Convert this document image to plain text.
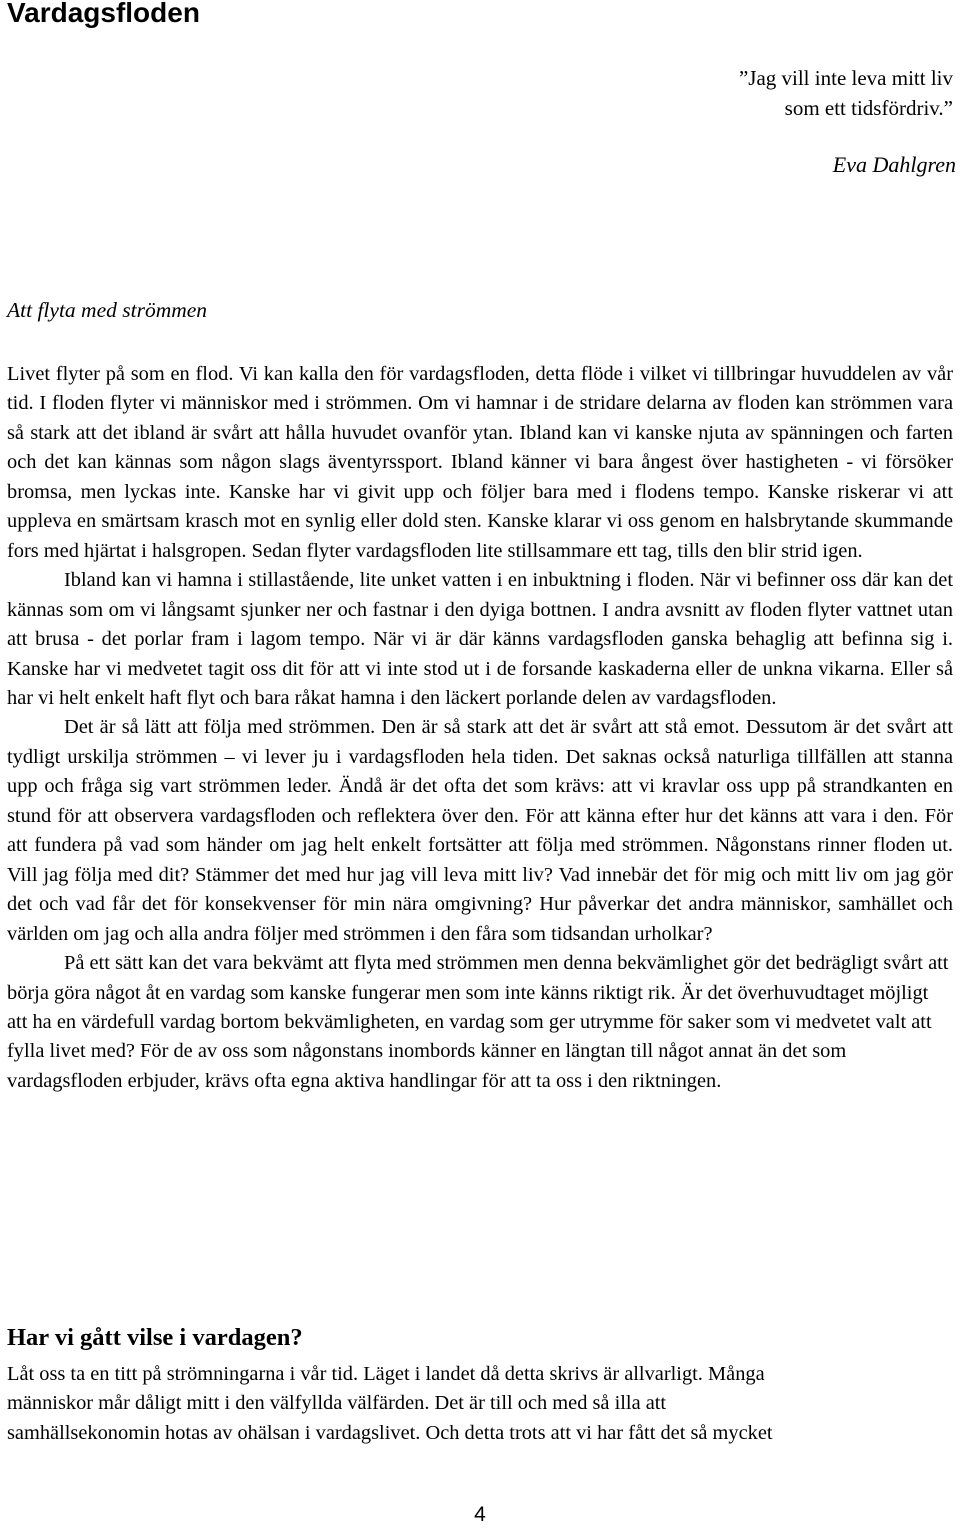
Vardagsfloden
”Jag vill inte leva mitt liv
som ett tidsfördriv.”
Eva Dahlgren
Att flyta med strömmen

Livet flyter på som en flod. Vi kan kalla den för vardagsfloden, detta flöde i vilket vi tillbringar huvuddelen av vår tid. I floden flyter vi människor med i strömmen. Om vi hamnar i de stridare delarna av floden kan strömmen vara så stark att det ibland är svårt att hålla huvudet ovanför ytan. Ibland kan vi kanske njuta av spänningen och farten och det kan kännas som någon slags äventyrssport. Ibland känner vi bara ångest över hastigheten - vi försöker bromsa, men lyckas inte. Kanske har vi givit upp och följer bara med i flodens tempo. Kanske riskerar vi att uppleva en smärtsam krasch mot en synlig eller dold sten. Kanske klarar vi oss genom en halsbrytande skummande fors med hjärtat i halsgropen. Sedan flyter vardagsfloden lite stillsammare ett tag, tills den blir strid igen.

Ibland kan vi hamna i stillastående, lite unket vatten i en inbuktning i floden. När vi befinner oss där kan det kännas som om vi långsamt sjunker ner och fastnar i den dyiga bottnen. I andra avsnitt av floden flyter vattnet utan att brusa - det porlar fram i lagom tempo. När vi är där känns vardagsfloden ganska behaglig att befinna sig i. Kanske har vi medvetet tagit oss dit för att vi inte stod ut i de forsande kaskaderna eller de unkna vikarna. Eller så har vi helt enkelt haft flyt och bara råkat hamna i den läckert porlande delen av vardagsfloden.

Det är så lätt att följa med strömmen. Den är så stark att det är svårt att stå emot. Dessutom är det svårt att tydligt urskilja strömmen – vi lever ju i vardagsfloden hela tiden. Det saknas också naturliga tillfällen att stanna upp och fråga sig vart strömmen leder. Ändå är det ofta det som krävs: att vi kravlar oss upp på strandkanten en stund för att observera vardagsfloden och reflektera över den. För att känna efter hur det känns att vara i den. För att fundera på vad som händer om jag helt enkelt fortsätter att följa med strömmen. Någonstans rinner floden ut. Vill jag följa med dit? Stämmer det med hur jag vill leva mitt liv? Vad innebär det för mig och mitt liv om jag gör det och vad får det för konsekvenser för min nära omgivning? Hur påverkar det andra människor, samhället och världen om jag och alla andra följer med strömmen i den fåra som tidsandan urholkar?

På ett sätt kan det vara bekvämt att flyta med strömmen men denna bekvämlighet gör det bedrägligt svårt att börja göra något åt en vardag som kanske fungerar men som inte känns riktigt rik. Är det överhuvudtaget möjligt att ha en värdefull vardag bortom bekvämligheten, en vardag som ger utrymme för saker som vi medvetet valt att fylla livet med? För de av oss som någonstans inombords känner en längtan till något annat än det som vardagsfloden erbjuder, krävs ofta egna aktiva handlingar för att ta oss i den riktningen.

Har vi gått vilse i vardagen?

Låt oss ta en titt på strömningarna i vår tid. Läget i landet då detta skrivs är allvarligt. Många

människor mår dåligt mitt i den välfyllda välfärden. Det är till och med så illa att

samhällsekonomin hotas av ohälsan i vardagslivet. Och detta trots att vi har fått det så mycket

4
